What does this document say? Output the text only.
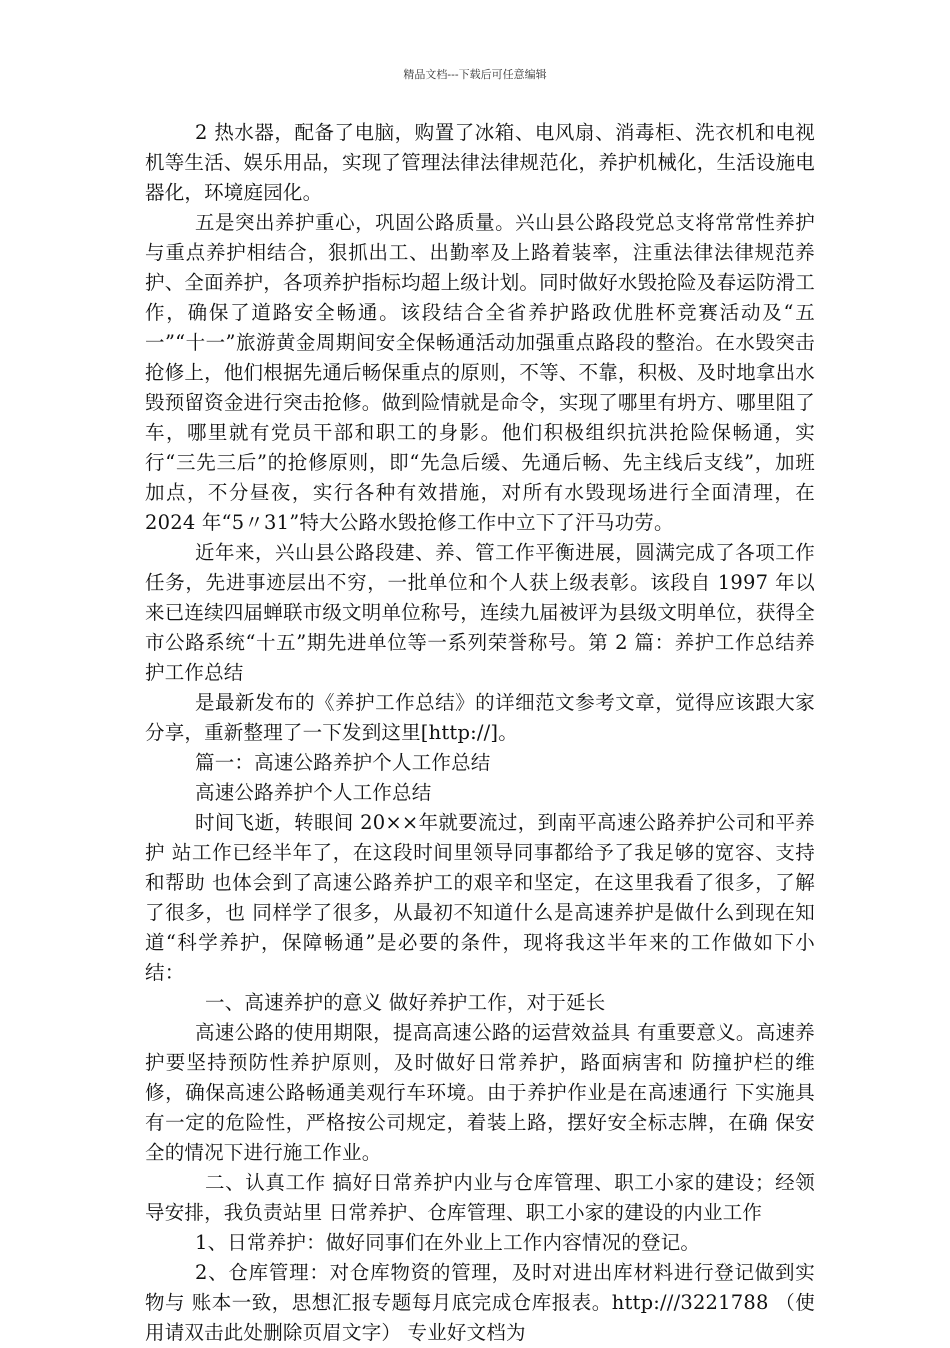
精品文档---下载后可任意编辑

2 热水器，配备了电脑，购置了冰箱、电风扇、消毒柜、洗衣机和电视机等生活、娱乐用品，实现了管理法律法律规范化，养护机械化，生活设施电器化，环境庭园化。

五是突出养护重心，巩固公路质量。兴山县公路段党总支将常常性养护与重点养护相结合，狠抓出工、出勤率及上路着装率，注重法律法律规范养护、全面养护，各项养护指标均超上级计划。同时做好水毁抢险及春运防滑工作，确保了道路安全畅通。该段结合全省养护路政优胜杯竞赛活动及“五一”“十一”旅游黄金周期间安全保畅通活动加强重点路段的整治。在水毁突击抢修上，他们根据先通后畅保重点的原则，不等、不靠，积极、及时地拿出水毁预留资金进行突击抢修。做到险情就是命令，实现了哪里有坍方、哪里阻了车，哪里就有党员干部和职工的身影。他们积极组织抗洪抢险保畅通，实行“三先三后”的抢修原则，即“先急后缓、先通后畅、先主线后支线”，加班加点，不分昼夜，实行各种有效措施，对所有水毁现场进行全面清理，在 2024 年“5〃31”特大公路水毁抢修工作中立下了汗马功劳。

近年来，兴山县公路段建、养、管工作平衡进展，圆满完成了各项工作任务，先进事迹层出不穷，一批单位和个人获上级表彰。该段自 1997 年以来已连续四届蝉联市级文明单位称号，连续九届被评为县级文明单位，获得全市公路系统“十五”期先进单位等一系列荣誉称号。第 2 篇：养护工作总结养护工作总结

是最新发布的《养护工作总结》的详细范文参考文章，觉得应该跟大家分享，重新整理了一下发到这里[http://]。

篇一：高速公路养护个人工作总结

高速公路养护个人工作总结

时间飞逝，转眼间 20××年就要流过，到南平高速公路养护公司和平养护 站工作已经半年了，在这段时间里领导同事都给予了我足够的宽容、支持和帮助 也体会到了高速公路养护工的艰辛和坚定，在这里我看了很多，了解了很多，也 同样学了很多，从最初不知道什么是高速养护是做什么到现在知道“科学养护，保障畅通”是必要的条件，现将我这半年来的工作做如下小结：

一、高速养护的意义 做好养护工作，对于延长

高速公路的使用期限，提高高速公路的运营效益具 有重要意义。高速养护要坚持预防性养护原则，及时做好日常养护，路面病害和 防撞护栏的维修，确保高速公路畅通美观行车环境。由于养护作业是在高速通行 下实施具有一定的危险性，严格按公司规定，着装上路，摆好安全标志牌，在确 保安全的情况下进行施工作业。

二、认真工作 搞好日常养护内业与仓库管理、职工小家的建设；经领导安排，我负责站里 日常养护、仓库管理、职工小家的建设的内业工作

1、日常养护：做好同事们在外业上工作内容情况的登记。

2、仓库管理：对仓库物资的管理，及时对进出库材料进行登记做到实物与 账本一致，思想汇报专题每月底完成仓库报表。http:///3221788 （使用请双击此处删除页眉文字） 专业好文档为
